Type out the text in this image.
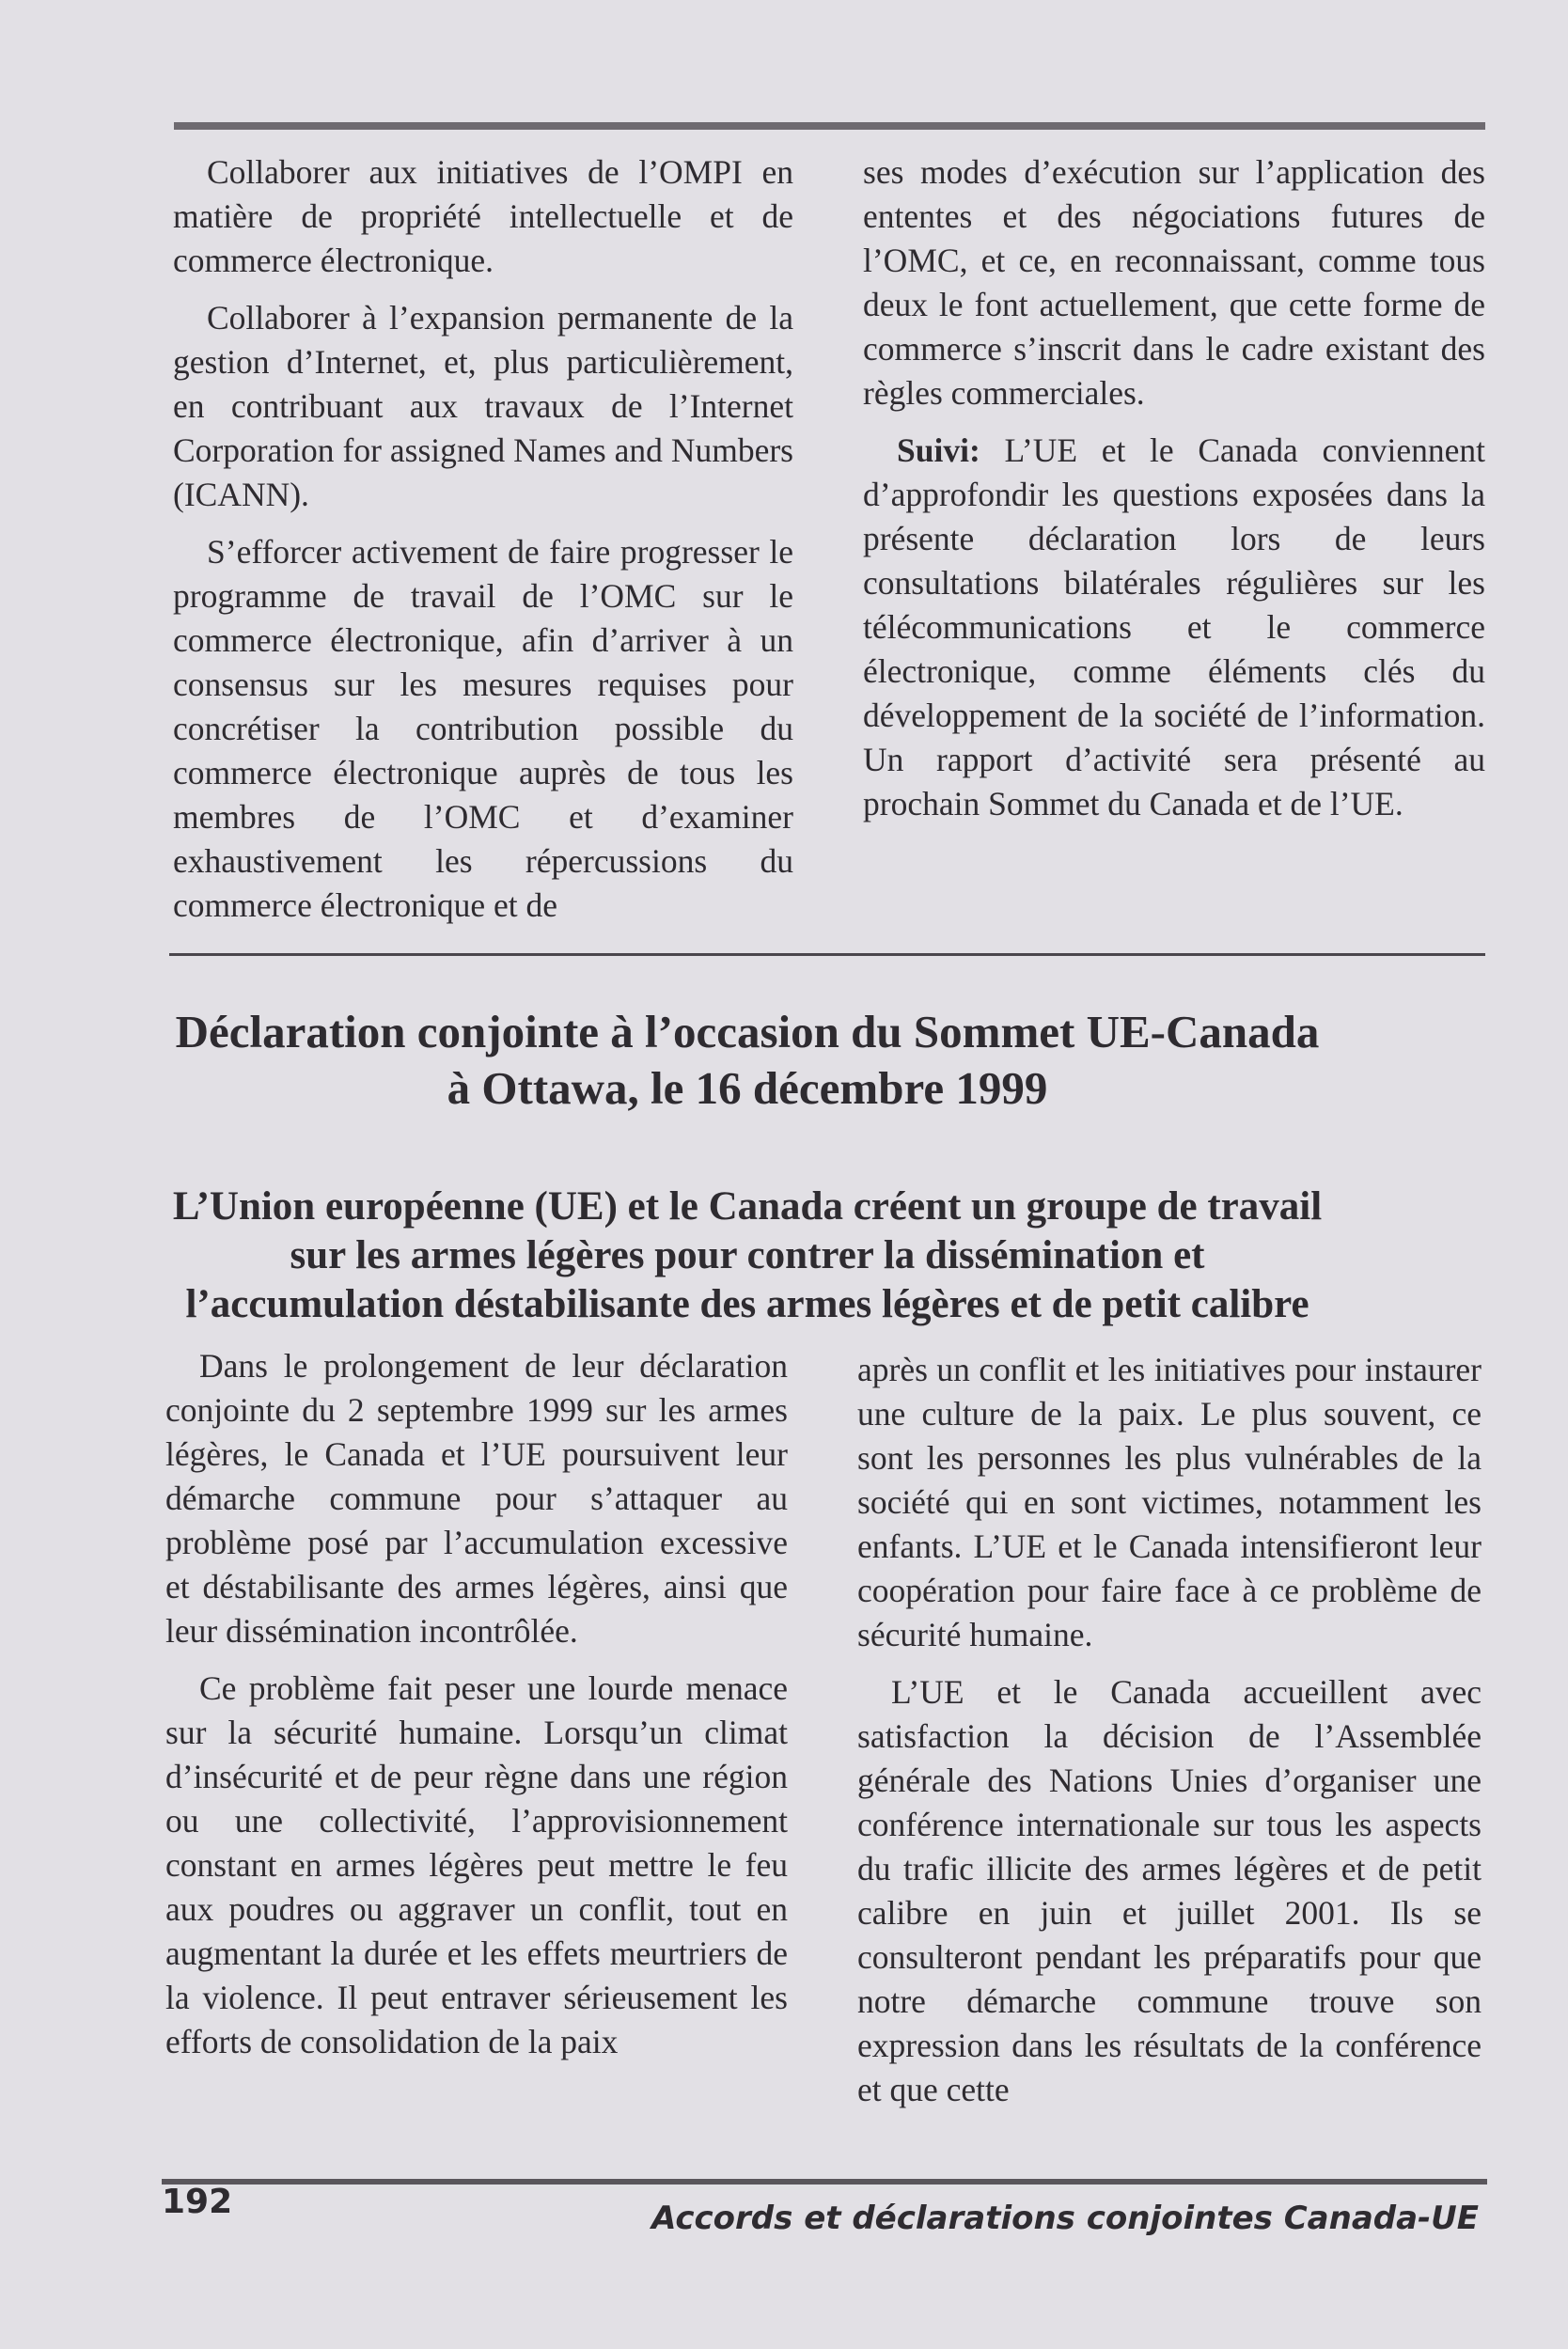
Collaborer aux initiatives de l’OMPI en matière de propriété intellectuelle et de commerce électronique.

Collaborer à l’expansion permanente de la gestion d’Internet, et, plus particulièrement, en contribuant aux travaux de l’Internet Corporation for assigned Names and Numbers (ICANN).

S’efforcer activement de faire progresser le programme de travail de l’OMC sur le commerce électronique, afin d’arriver à un consensus sur les mesures requises pour concrétiser la contribution possible du commerce électronique auprès de tous les membres de l’OMC et d’examiner exhaustivement les répercussions du commerce électronique et de

ses modes d’exécution sur l’application des ententes et des négociations futures de l’OMC, et ce, en reconnaissant, comme tous deux le font actuellement, que cette forme de commerce s’inscrit dans le cadre existant des règles commerciales.

Suivi: L’UE et le Canada conviennent d’approfondir les questions exposées dans la présente déclaration lors de leurs consultations bilatérales régulières sur les télécommunications et le commerce électronique, comme éléments clés du développement de la société de l’information. Un rapport d’activité sera présenté au prochain Sommet du Canada et de l’UE.

Déclaration conjointe à l’occasion du Sommet UE-Canada à Ottawa, le 16 décembre 1999
L’Union européenne (UE) et le Canada créent un groupe de travail sur les armes légères pour contrer la dissémination et l’accumulation déstabilisante des armes légères et de petit calibre

Dans le prolongement de leur déclaration conjointe du 2 septembre 1999 sur les armes légères, le Canada et l’UE poursuivent leur démarche commune pour s’attaquer au problème posé par l’accumulation excessive et déstabilisante des armes légères, ainsi que leur dissémination incontrôlée.

Ce problème fait peser une lourde menace sur la sécurité humaine. Lorsqu’un climat d’insécurité et de peur règne dans une région ou une collectivité, l’approvisionnement constant en armes légères peut mettre le feu aux poudres ou aggraver un conflit, tout en augmentant la durée et les effets meurtriers de la violence. Il peut entraver sérieusement les efforts de consolidation de la paix

après un conflit et les initiatives pour instaurer une culture de la paix. Le plus souvent, ce sont les personnes les plus vulnérables de la société qui en sont victimes, notamment les enfants. L’UE et le Canada intensifieront leur coopération pour faire face à ce problème de sécurité humaine.

L’UE et le Canada accueillent avec satisfaction la décision de l’Assemblée générale des Nations Unies d’organiser une conférence internationale sur tous les aspects du trafic illicite des armes légères et de petit calibre en juin et juillet 2001. Ils se consulteront pendant les préparatifs pour que notre démarche commune trouve son expression dans les résultats de la conférence et que cette

192	Accords et déclarations conjointes Canada-UE
